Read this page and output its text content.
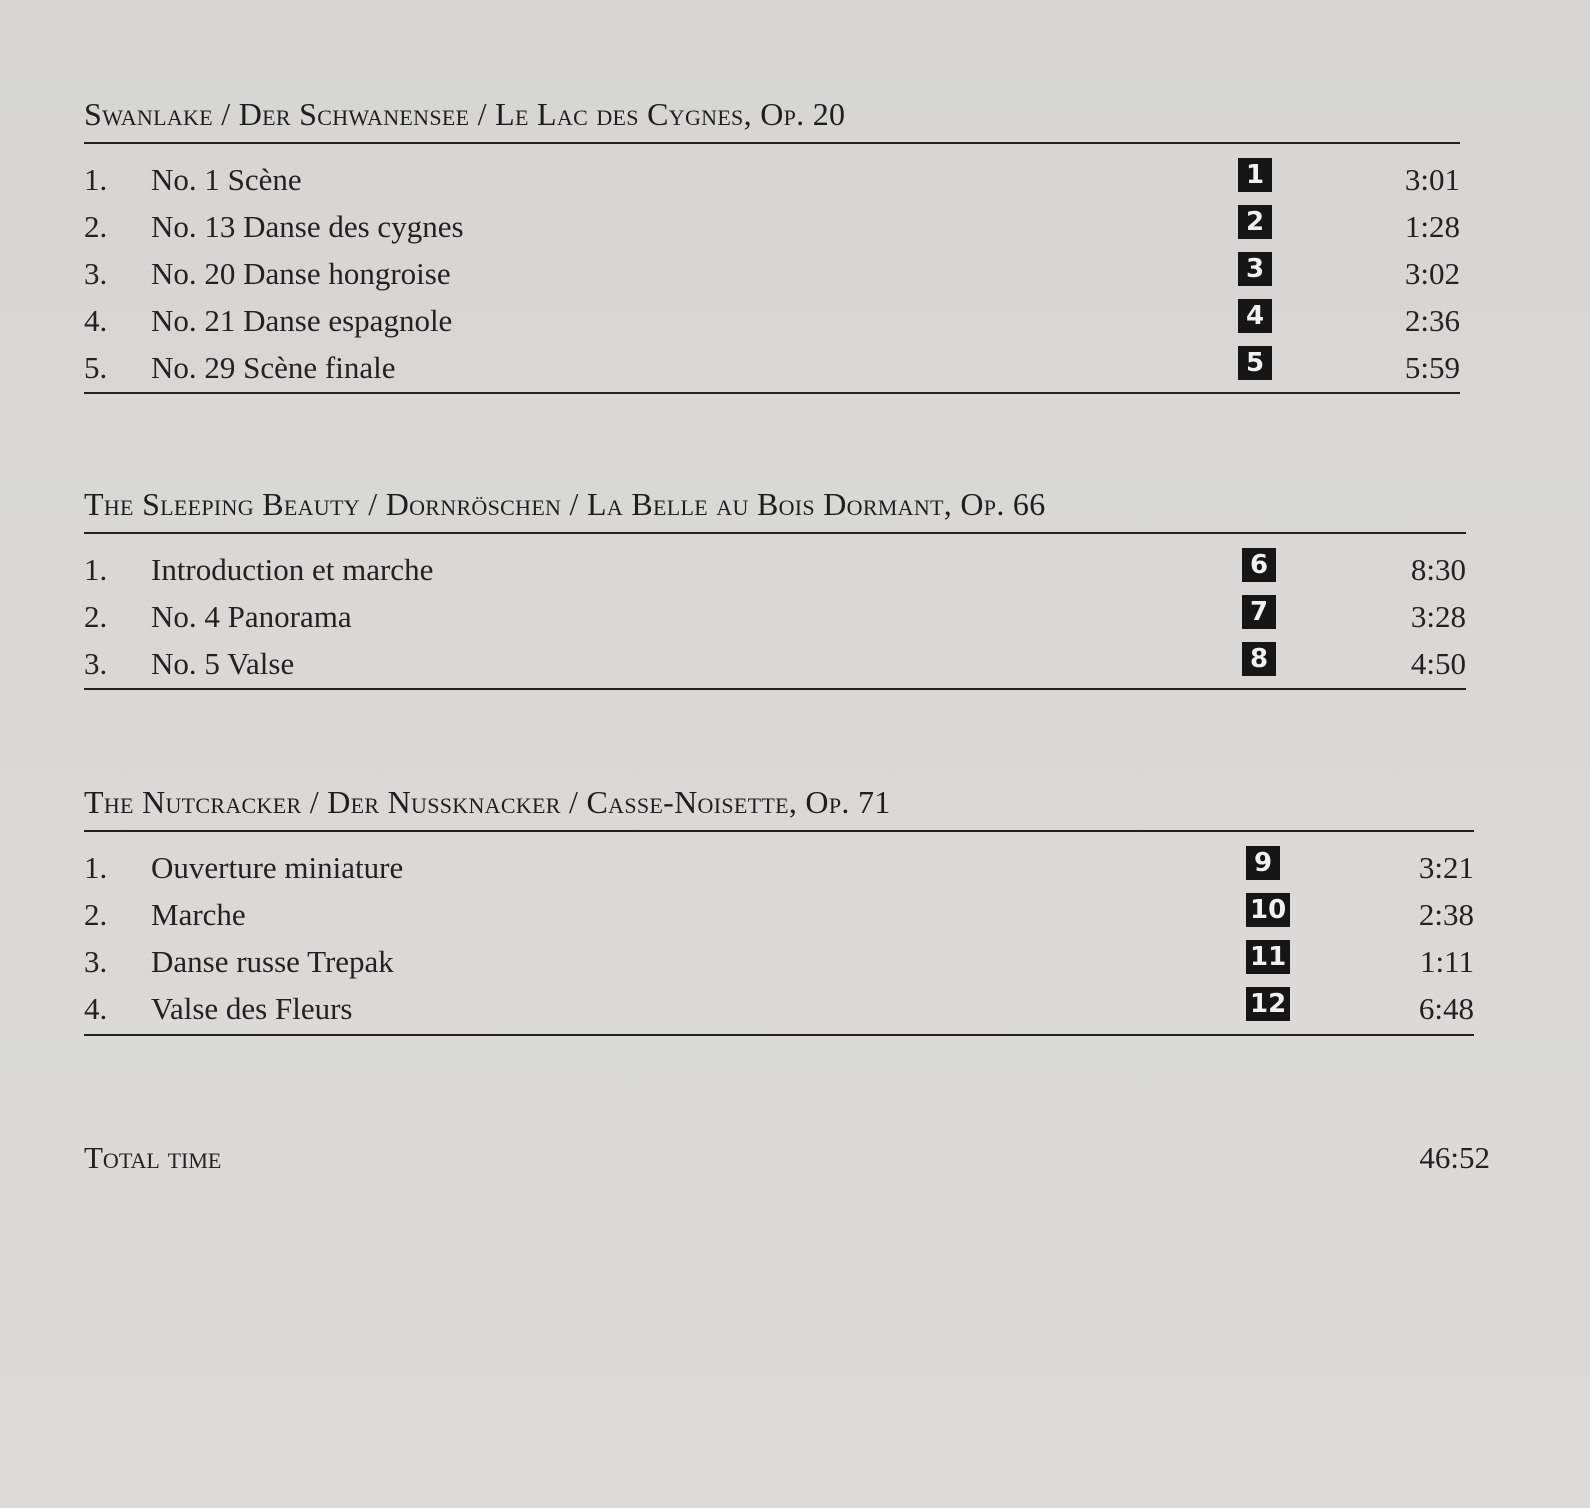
Swanlake / Der Schwanensee / Le Lac des Cygnes, Op. 20
1. No. 1 Scène	1	3:01
2. No. 13 Danse des cygnes	2	1:28
3. No. 20 Danse hongroise	3	3:02
4. No. 21 Danse espagnole	4	2:36
5. No. 29 Scène finale	5	5:59
The Sleeping Beauty / Dornröschen / La Belle au Bois Dormant, Op. 66
1. Introduction et marche	6	8:30
2. No. 4 Panorama	7	3:28
3. No. 5 Valse	8	4:50
The Nutcracker / Der Nussknacker / Casse-Noisette, Op. 71
1. Ouverture miniature	9	3:21
2. Marche	10	2:38
3. Danse russe Trepak	11	1:11
4. Valse des Fleurs	12	6:48
Total time	46:52
